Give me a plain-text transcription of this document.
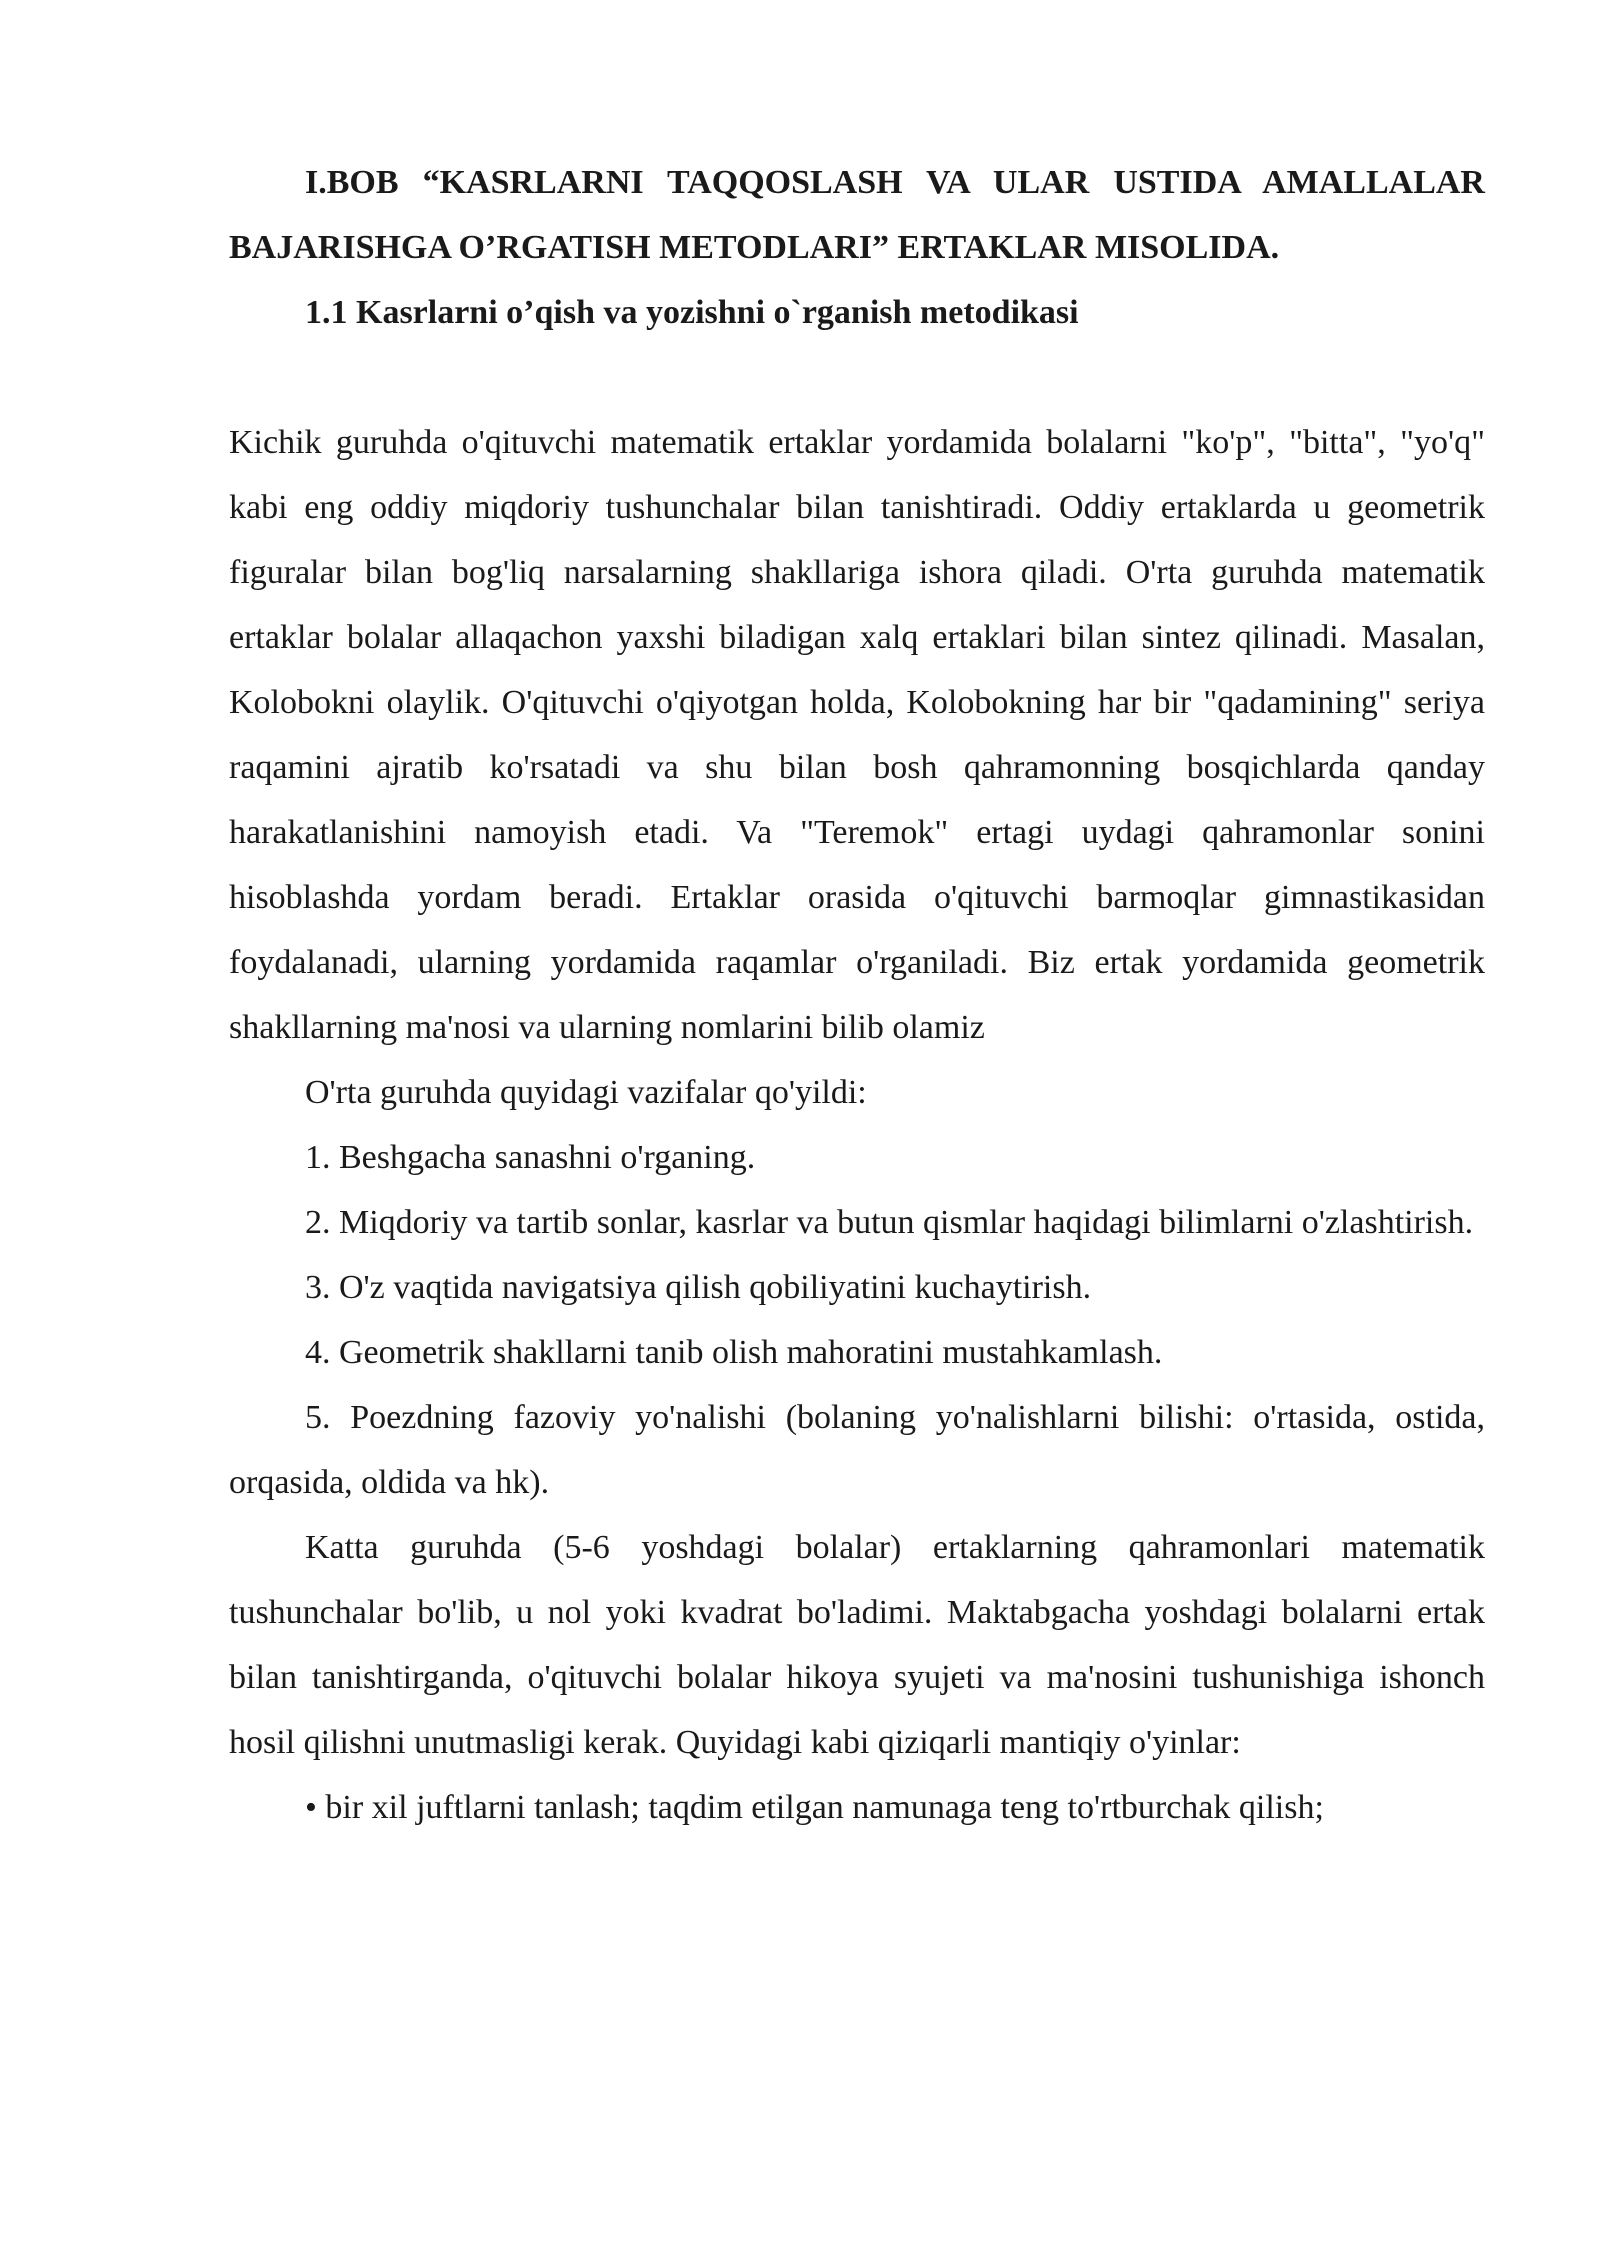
I.BOB “KASRLARNI TAQQOSLASH VA ULAR USTIDA AMALLALAR BAJARISHGA O’RGATISH METODLARI” ERTAKLAR MISOLIDA.

1.1 Kasrlarni o’qish va yozishni o`rganish metodikasi

Kichik guruhda o'qituvchi matematik ertaklar yordamida bolalarni "ko'p", "bitta", "yo'q" kabi eng oddiy miqdoriy tushunchalar bilan tanishtiradi. Oddiy ertaklarda u geometrik figuralar bilan bog'liq narsalarning shakllariga ishora qiladi. O'rta guruhda matematik ertaklar bolalar allaqachon yaxshi biladigan xalq ertaklari bilan sintez qilinadi. Masalan, Kolobokni olaylik. O'qituvchi o'qiyotgan holda, Kolobokning har bir "qadamining" seriya raqamini ajratib ko'rsatadi va shu bilan bosh qahramonning bosqichlarda qanday harakatlanishini namoyish etadi. Va "Teremok" ertagi uydagi qahramonlar sonini hisoblashda yordam beradi. Ertaklar orasida o'qituvchi barmoqlar gimnastikasidan foydalanadi, ularning yordamida raqamlar o'rganiladi. Biz ertak yordamida geometrik shakllarning ma'nosi va ularning nomlarini bilib olamiz

O'rta guruhda quyidagi vazifalar qo'yildi:

1. Beshgacha sanashni o'rganing.

2. Miqdoriy va tartib sonlar, kasrlar va butun qismlar haqidagi bilimlarni o'zlashtirish.

3. O'z vaqtida navigatsiya qilish qobiliyatini kuchaytirish.

4. Geometrik shakllarni tanib olish mahoratini mustahkamlash.

5. Poezdning fazoviy yo'nalishi (bolaning yo'nalishlarni bilishi: o'rtasida, ostida, orqasida, oldida va hk).

Katta guruhda (5-6 yoshdagi bolalar) ertaklarning qahramonlari matematik tushunchalar bo'lib, u nol yoki kvadrat bo'ladimi. Maktabgacha yoshdagi bolalarni ertak bilan tanishtirganda, o'qituvchi bolalar hikoya syujeti va ma'nosini tushunishiga ishonch hosil qilishni unutmasligi kerak. Quyidagi kabi qiziqarli mantiqiy o'yinlar:

• bir xil juftlarni tanlash; taqdim etilgan namunaga teng to'rtburchak qilish;
